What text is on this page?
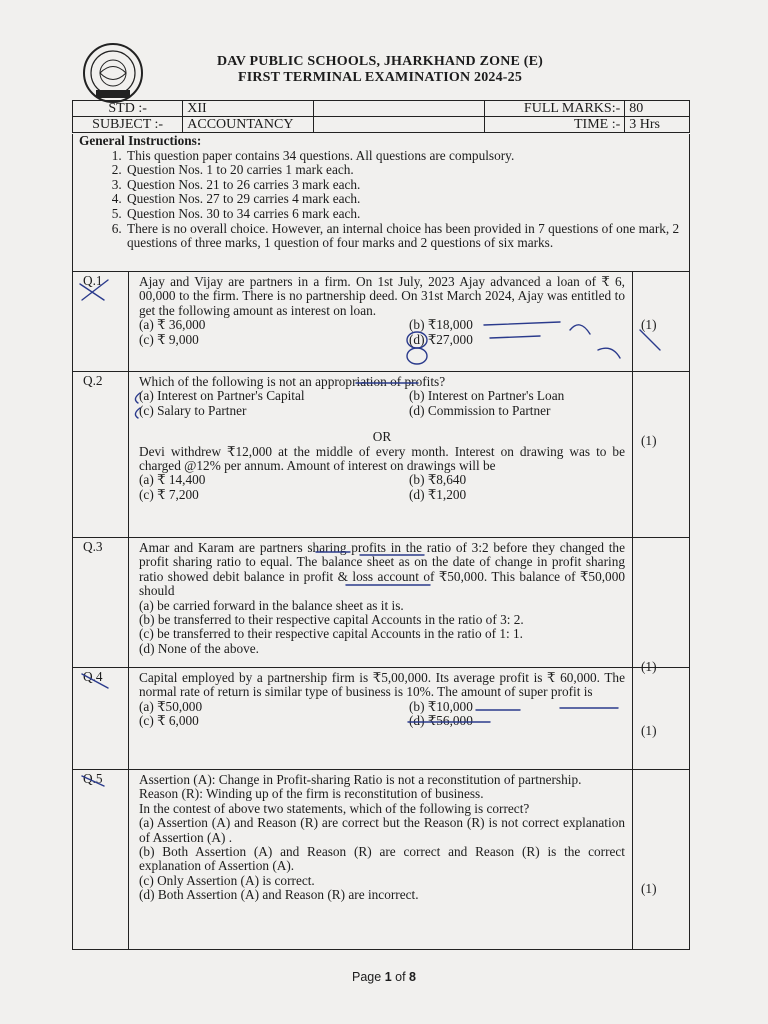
DAV PUBLIC SCHOOLS, JHARKHAND ZONE (E)
FIRST TERMINAL EXAMINATION 2024-25
STD :-	XII		FULL MARKS:-	80
SUBJECT :-	ACCOUNTANCY		TIME :-	3 Hrs
General Instructions:
1. This question paper contains 34 questions. All questions are compulsory.
2. Question Nos. 1 to 20 carries 1 mark each.
3. Question Nos. 21 to 26 carries 3 mark each.
4. Question Nos. 27 to 29 carries 4 mark each.
5. Question Nos. 30 to 34 carries 6 mark each.
6. There is no overall choice. However, an internal choice has been provided in 7 questions of one mark, 2 questions of three marks, 1 question of four marks and 2 questions of six marks.
Q.1	Ajay and Vijay are partners in a firm. On 1st July, 2023 Ajay advanced a loan of ₹ 6, 00,000 to the firm. There is no partnership deed. On 31st March 2024, Ajay was entitled to get the following amount as interest on loan.

(a) ₹ 36,000	(b) ₹18,000
(c) ₹ 9,000	(d) ₹27,000
(1)
Q.2	Which of the following is not an appropriation of profits?

(a) Interest on Partner's Capital	(b) Interest on Partner's Loan
(c) Salary to Partner	(d) Commission to Partner

OR

Devi withdrew ₹12,000 at the middle of every month. Interest on drawing was to be charged @12% per annum. Amount of interest on drawings will be

(a) ₹ 14,400	(b) ₹8,640
(c) ₹ 7,200	(d) ₹1,200
(1)
Q.3	Amar and Karam are partners sharing profits in the ratio of 3:2 before they changed the profit sharing ratio to equal. The balance sheet as on the date of change in profit sharing ratio showed debit balance in profit & loss account of ₹50,000. This balance of ₹50,000 should

(a) be carried forward in the balance sheet as it is.

(b) be transferred to their respective capital Accounts in the ratio of 3: 2.

(c) be transferred to their respective capital Accounts in the ratio of 1: 1.

(d) None of the above.

(1)
Q.4	Capital employed by a partnership firm is ₹5,00,000. Its average profit is ₹ 60,000. The normal rate of return is similar type of business is 10%. The amount of super profit is

(a) ₹50,000	(b) ₹10,000
(c) ₹ 6,000	(d) ₹56,000
(1)
Q.5	Assertion (A): Change in Profit-sharing Ratio is not a reconstitution of partnership.

Reason (R): Winding up of the firm is reconstitution of business.

In the contest of above two statements, which of the following is correct?

(a) Assertion (A) and Reason (R) are correct but the Reason (R) is not correct explanation of Assertion (A) .

(b) Both Assertion (A) and Reason (R) are correct and Reason (R) is the correct explanation of Assertion (A).

(c) Only Assertion (A) is correct.

(d) Both Assertion (A) and Reason (R) are incorrect.	(1)
Page 1 of 8
